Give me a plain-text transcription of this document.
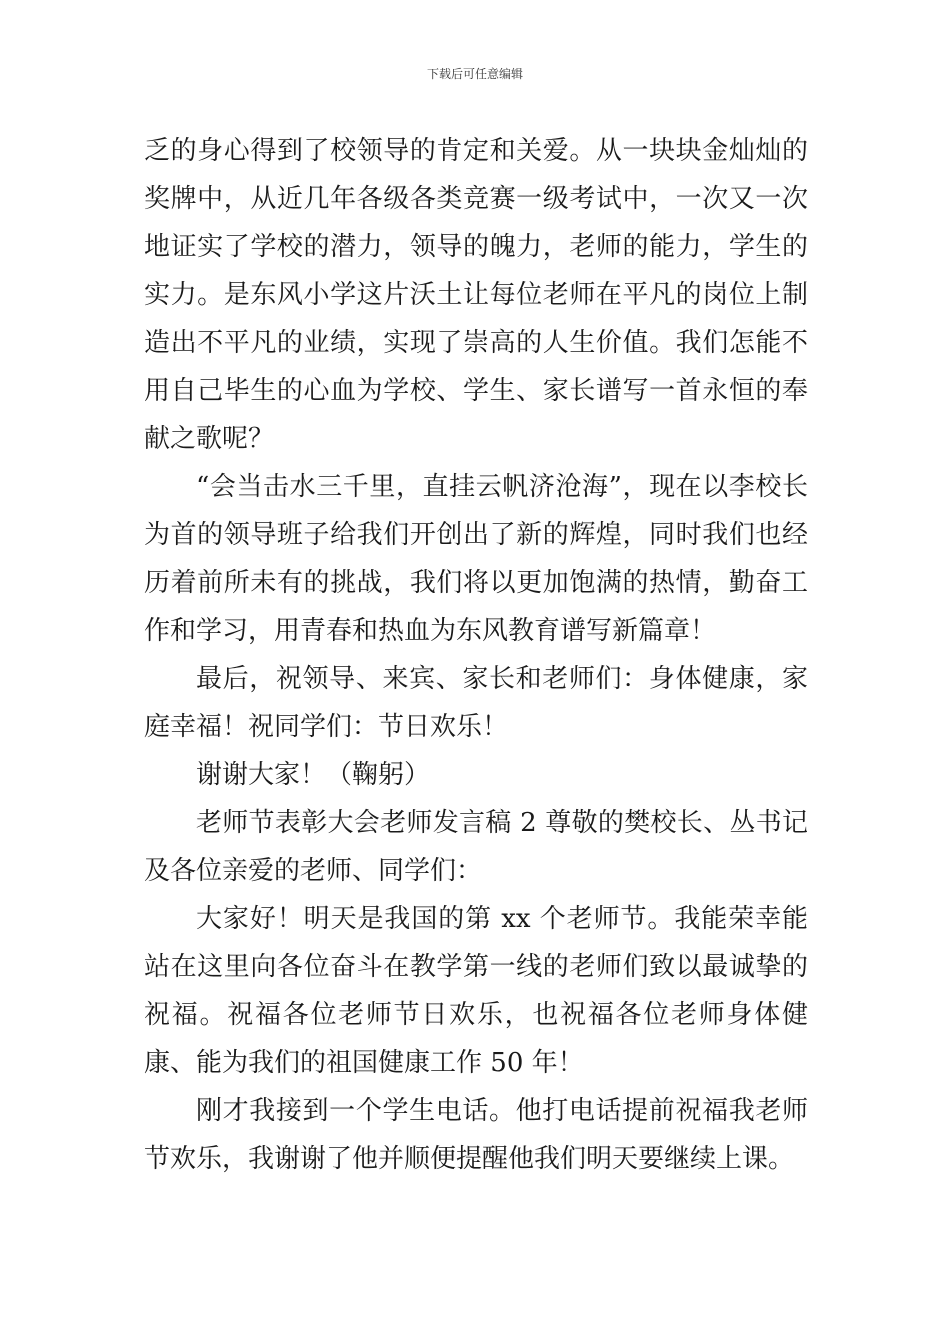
下载后可任意编辑

乏的身心得到了校领导的肯定和关爱。从一块块金灿灿的奖牌中，从近几年各级各类竞赛一级考试中，一次又一次地证实了学校的潜力，领导的魄力，老师的能力，学生的实力。是东风小学这片沃土让每位老师在平凡的岗位上制造出不平凡的业绩，实现了崇高的人生价值。我们怎能不用自己毕生的心血为学校、学生、家长谱写一首永恒的奉献之歌呢？

“会当击水三千里，直挂云帆济沧海”，现在以李校长为首的领导班子给我们开创出了新的辉煌，同时我们也经历着前所未有的挑战，我们将以更加饱满的热情，勤奋工作和学习，用青春和热血为东风教育谱写新篇章！

最后，祝领导、来宾、家长和老师们：身体健康，家庭幸福！祝同学们：节日欢乐！

谢谢大家！（鞠躬）

老师节表彰大会老师发言稿 2 尊敬的樊校长、丛书记及各位亲爱的老师、同学们：

大家好！明天是我国的第 xx 个老师节。我能荣幸能站在这里向各位奋斗在教学第一线的老师们致以最诚挚的祝福。祝福各位老师节日欢乐，也祝福各位老师身体健康、能为我们的祖国健康工作 50 年！

刚才我接到一个学生电话。他打电话提前祝福我老师节欢乐，我谢谢了他并顺便提醒他我们明天要继续上课。
